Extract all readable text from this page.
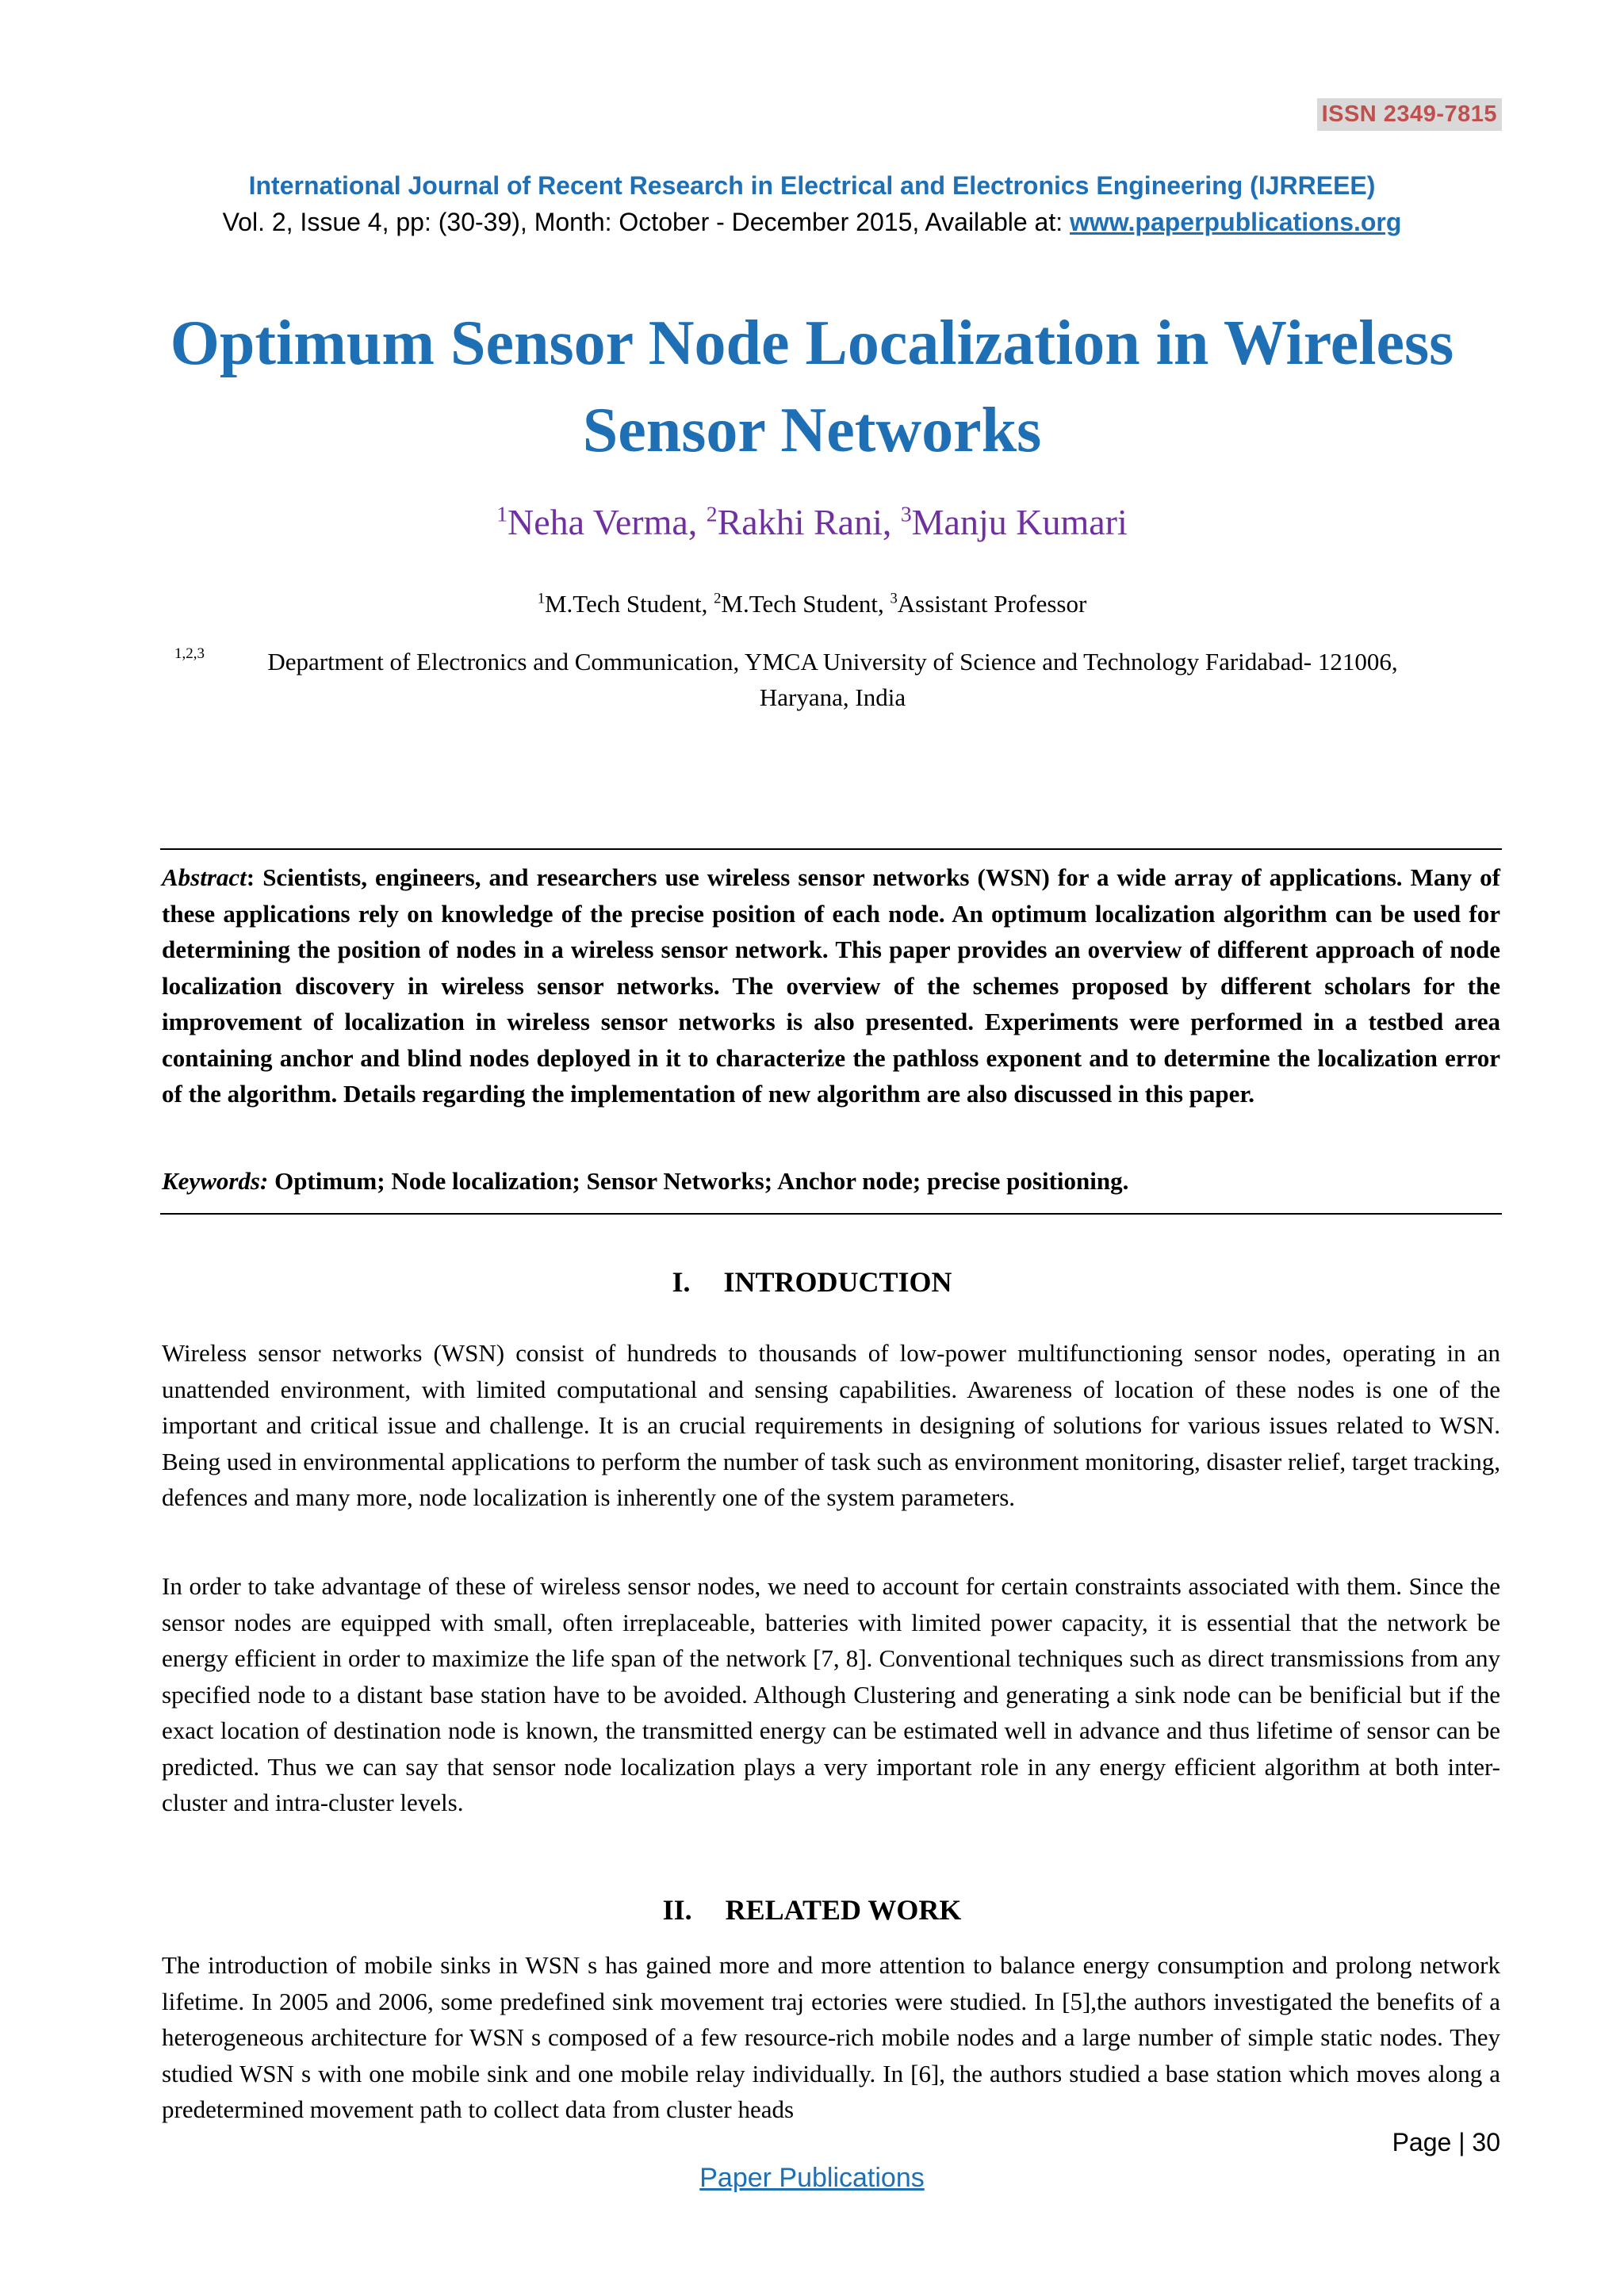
ISSN 2349-7815
International Journal of Recent Research in Electrical and Electronics Engineering (IJRREEE)
Vol. 2, Issue 4, pp: (30-39), Month: October - December 2015, Available at: www.paperpublications.org
Optimum Sensor Node Localization in Wireless
Sensor Networks
$^1$Neha Verma, $^2$Rakhi Rani, $^3$Manju Kumari
$^1$M.Tech Student, $^2$M.Tech Student, $^3$Assistant Professor
1,2,3	Department of Electronics and Communication, YMCA University of Science and Technology Faridabad- 121006,
Haryana, India
Abstract: Scientists, engineers, and researchers use wireless sensor networks (WSN) for a wide array of applications. Many of these applications rely on knowledge of the precise position of each node. An optimum localization algorithm can be used for determining the position of nodes in a wireless sensor network. This paper provides an overview of different approach of node localization discovery in wireless sensor networks. The overview of the schemes proposed by different scholars for the improvement of localization in wireless sensor networks is also presented. Experiments were performed in a testbed area containing anchor and blind nodes deployed in it to characterize the pathloss exponent and to determine the localization error of the algorithm. Details regarding the implementation of new algorithm are also discussed in this paper.
Keywords: Optimum; Node localization; Sensor Networks; Anchor node; precise positioning.
I. INTRODUCTION
Wireless sensor networks (WSN) consist of hundreds to thousands of low-power multifunctioning sensor nodes, operating in an unattended environment, with limited computational and sensing capabilities. Awareness of location of these nodes is one of the important and critical issue and challenge. It is an crucial requirements in designing of solutions for various issues related to WSN. Being used in environmental applications to perform the number of task such as environment monitoring, disaster relief, target tracking, defences and many more, node localization is inherently one of the system parameters.
In order to take advantage of these of wireless sensor nodes, we need to account for certain constraints associated with them. Since the sensor nodes are equipped with small, often irreplaceable, batteries with limited power capacity, it is essential that the network be energy efficient in order to maximize the life span of the network [7, 8]. Conventional techniques such as direct transmissions from any specified node to a distant base station have to be avoided. Although Clustering and generating a sink node can be benificial but if the exact location of destination node is known, the transmitted energy can be estimated well in advance and thus lifetime of sensor can be predicted. Thus we can say that sensor node localization plays a very important role in any energy efficient algorithm at both inter-cluster and intra-cluster levels.
II. RELATED WORK
The introduction of mobile sinks in WSN s has gained more and more attention to balance energy consumption and prolong network lifetime. In 2005 and 2006, some predefined sink movement traj ectories were studied. In [5],the authors investigated the benefits of a heterogeneous architecture for WSN s composed of a few resource-rich mobile nodes and a large number of simple static nodes. They studied WSN s with one mobile sink and one mobile relay individually. In [6], the authors studied a base station which moves along a predetermined movement path to collect data from cluster heads
Page | 30
Paper Publications
